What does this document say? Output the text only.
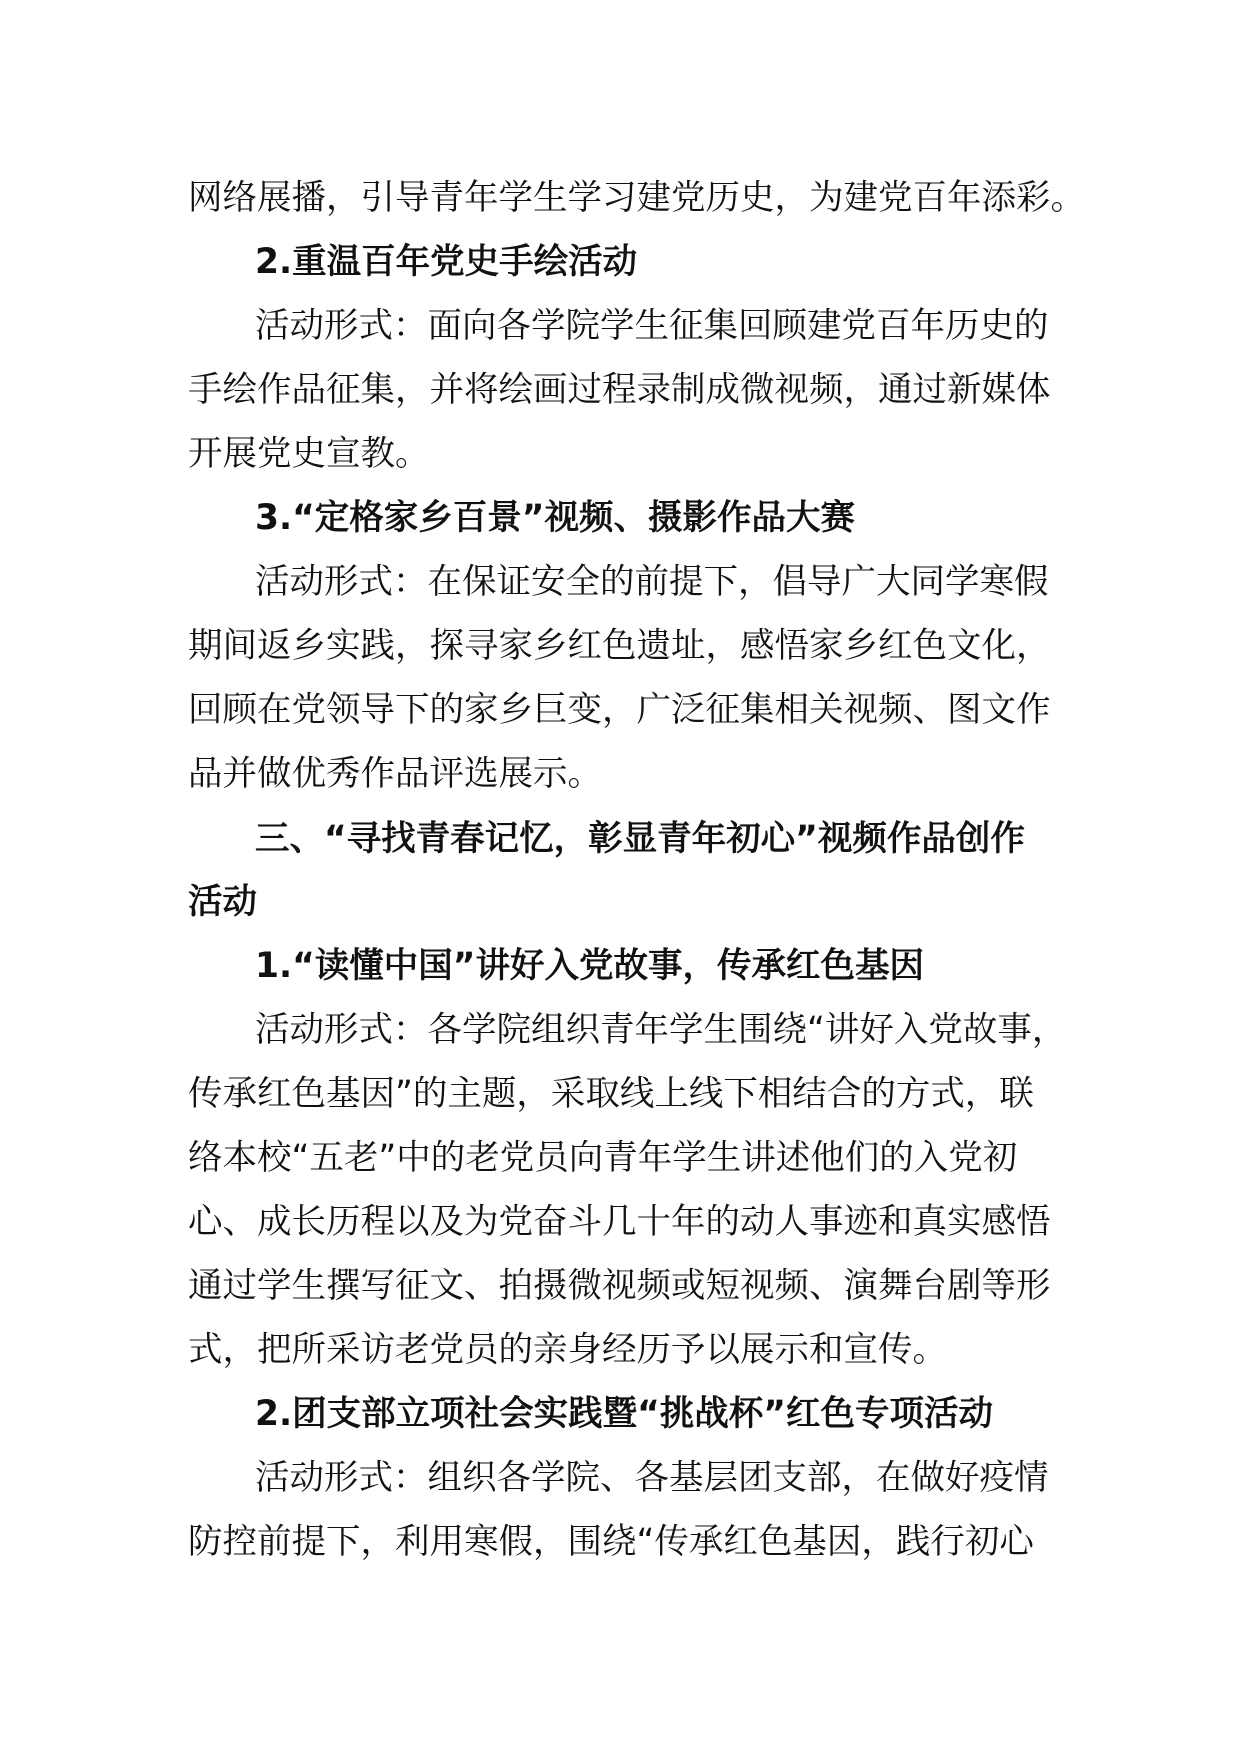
网络展播，引导青年学生学习建党历史，为建党百年添彩。
2.重温百年党史手绘活动
活动形式：面向各学院学生征集回顾建党百年历史的
手绘作品征集，并将绘画过程录制成微视频，通过新媒体
开展党史宣教。
3.“定格家乡百景”视频、摄影作品大赛
活动形式：在保证安全的前提下，倡导广大同学寒假
期间返乡实践，探寻家乡红色遗址，感悟家乡红色文化，
回顾在党领导下的家乡巨变，广泛征集相关视频、图文作
品并做优秀作品评选展示。
三、“寻找青春记忆，彰显青年初心”视频作品创作
活动
1.“读懂中国”讲好入党故事，传承红色基因
活动形式：各学院组织青年学生围绕“讲好入党故事，
传承红色基因”的主题，采取线上线下相结合的方式，联
络本校“五老”中的老党员向青年学生讲述他们的入党初
心、成长历程以及为党奋斗几十年的动人事迹和真实感悟
通过学生撰写征文、拍摄微视频或短视频、演舞台剧等形
式，把所采访老党员的亲身经历予以展示和宣传。
2.团支部立项社会实践暨“挑战杯”红色专项活动
活动形式：组织各学院、各基层团支部，在做好疫情
防控前提下，利用寒假，围绕“传承红色基因，践行初心
